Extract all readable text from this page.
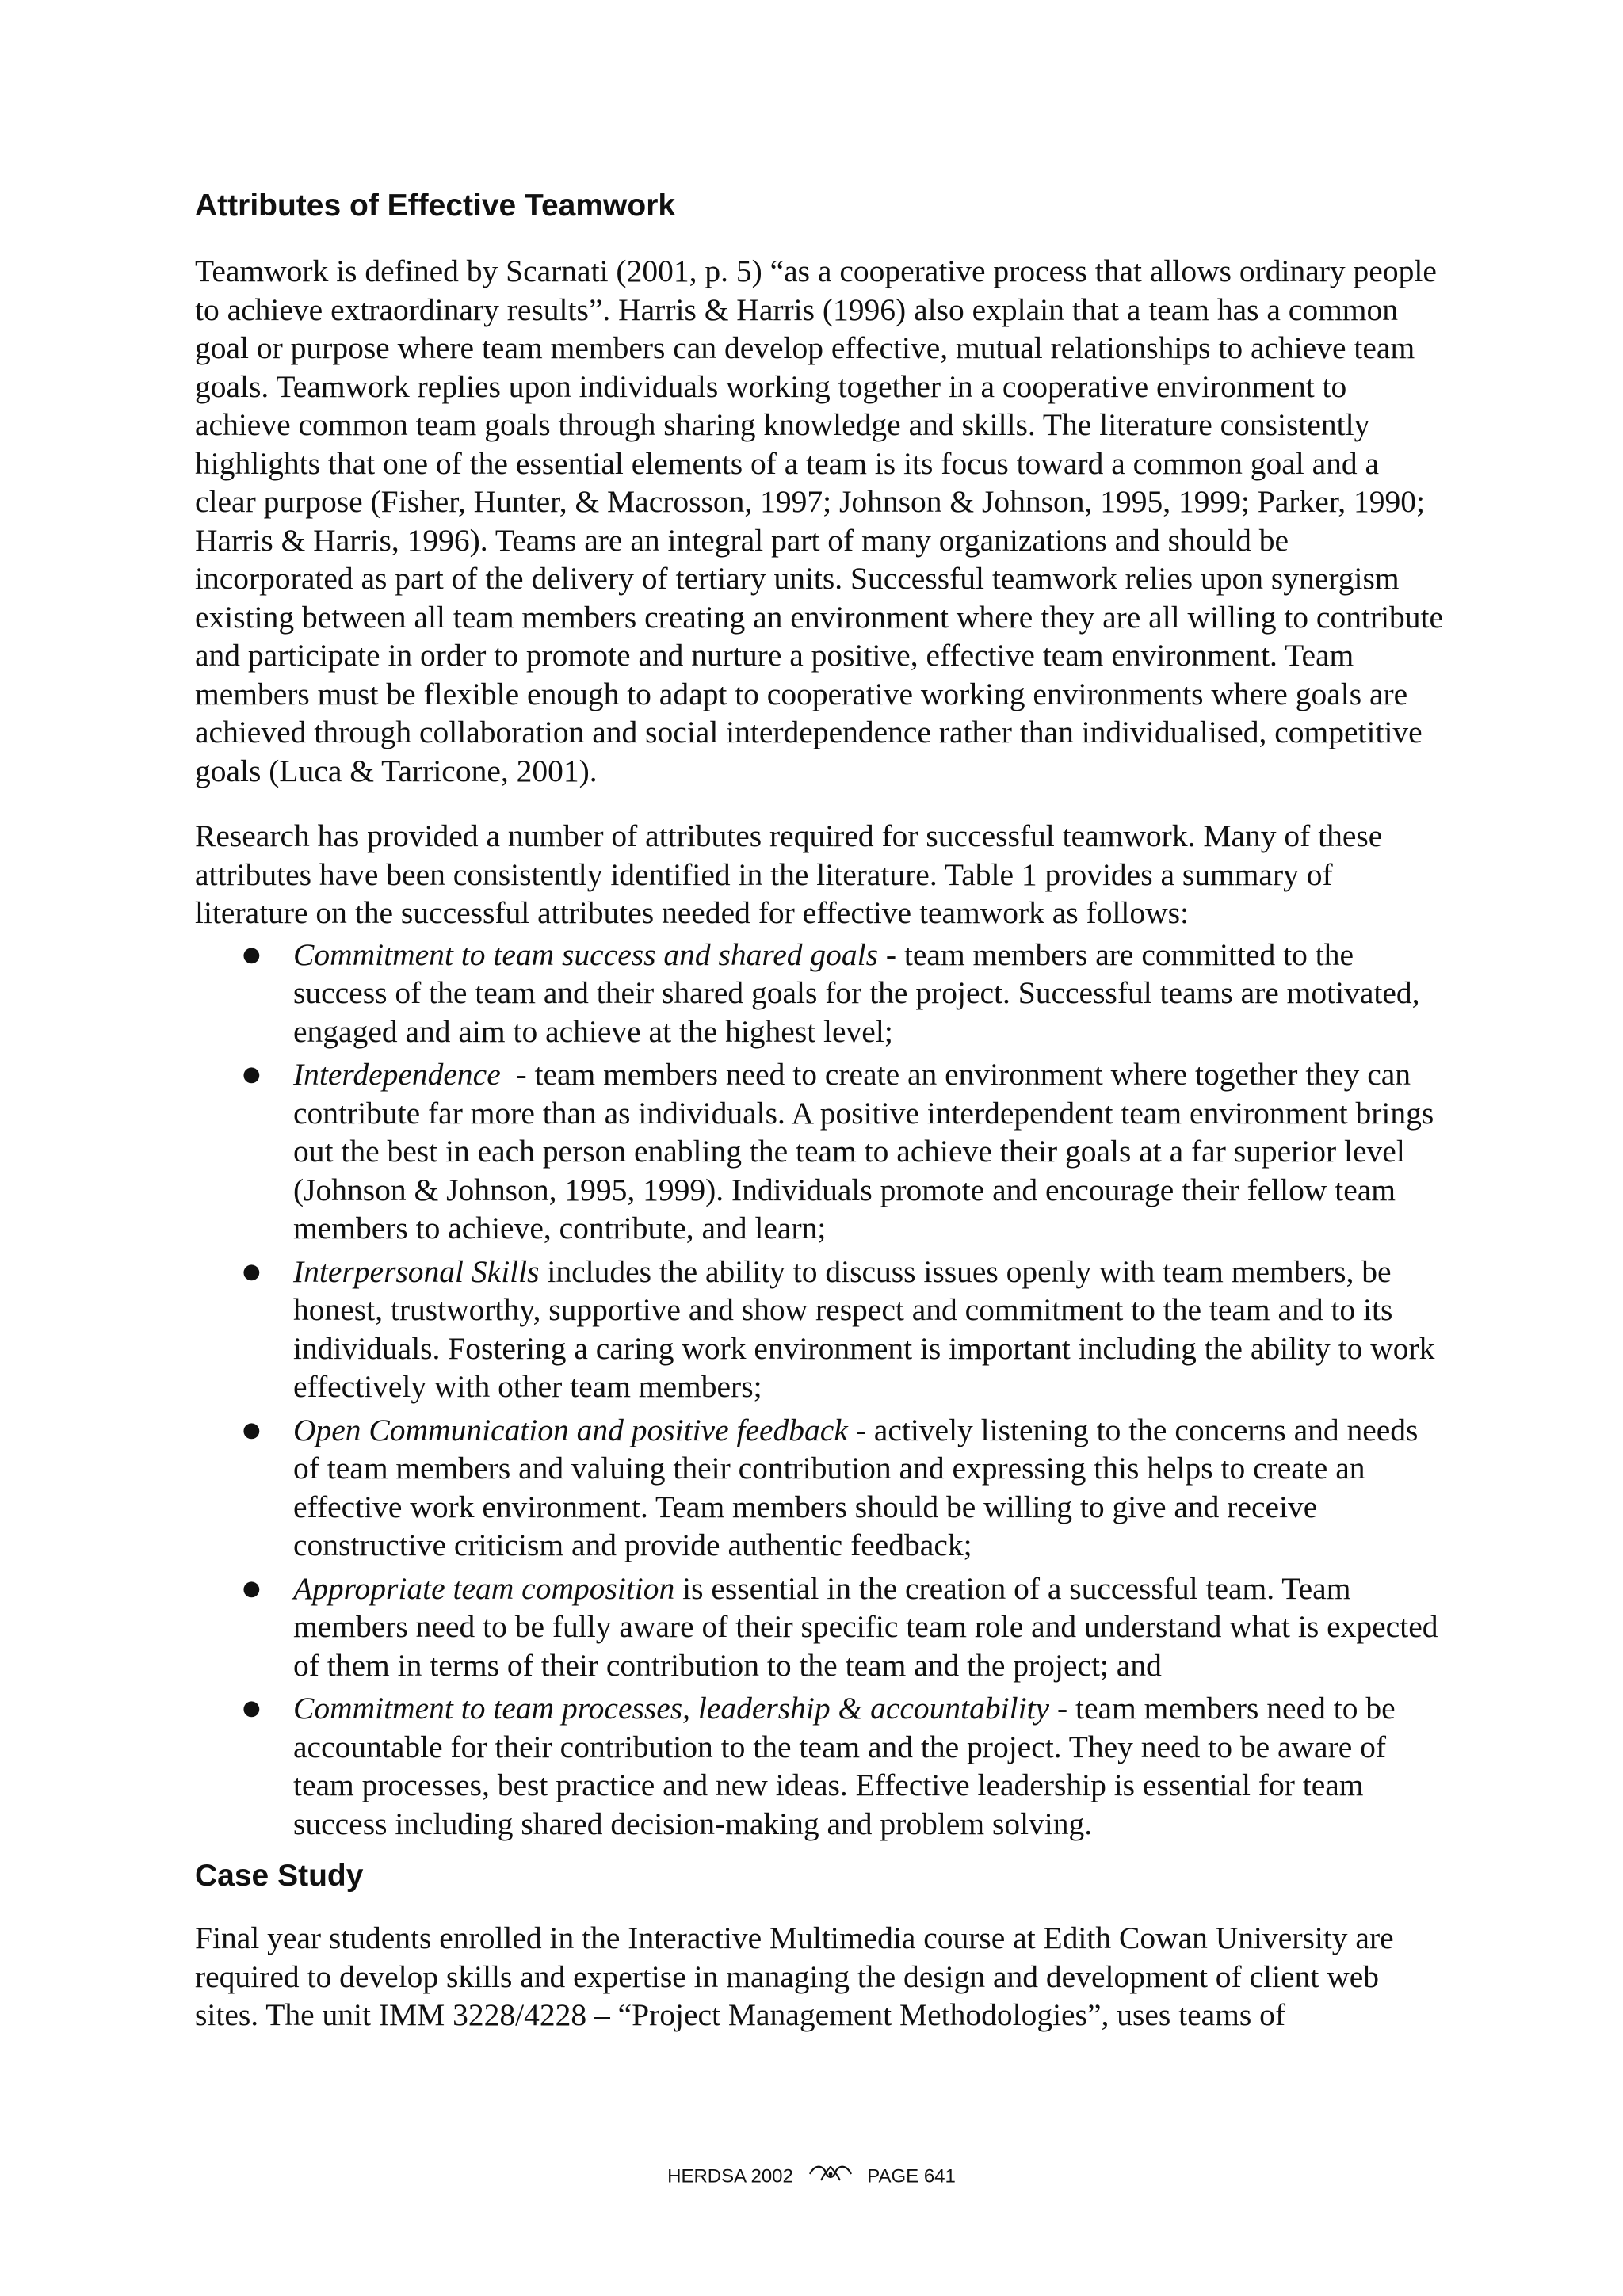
Attributes of Effective Teamwork

Teamwork is defined by Scarnati (2001, p. 5) “as a cooperative process that allows ordinary people to achieve extraordinary results”. Harris & Harris (1996) also explain that a team has a common goal or purpose where team members can develop effective, mutual relationships to achieve team goals. Teamwork replies upon individuals working together in a cooperative environment to achieve common team goals through sharing knowledge and skills. The literature consistently highlights that one of the essential elements of a team is its focus toward a common goal and a clear purpose (Fisher, Hunter, & Macrosson, 1997; Johnson & Johnson, 1995, 1999; Parker, 1990; Harris & Harris, 1996). Teams are an integral part of many organizations and should be incorporated as part of the delivery of tertiary units. Successful teamwork relies upon synergism existing between all team members creating an environment where they are all willing to contribute and participate in order to promote and nurture a positive, effective team environment. Team members must be flexible enough to adapt to cooperative working environments where goals are achieved through collaboration and social interdependence rather than individualised, competitive goals (Luca & Tarricone, 2001).

Research has provided a number of attributes required for successful teamwork. Many of these attributes have been consistently identified in the literature. Table 1 provides a summary of literature on the successful attributes needed for effective teamwork as follows:

● Commitment to team success and shared goals - team members are committed to the success of the team and their shared goals for the project. Successful teams are motivated, engaged and aim to achieve at the highest level;
● Interdependence  - team members need to create an environment where together they can contribute far more than as individuals. A positive interdependent team environment brings out the best in each person enabling the team to achieve their goals at a far superior level (Johnson & Johnson, 1995, 1999). Individuals promote and encourage their fellow team members to achieve, contribute, and learn;
● Interpersonal Skills includes the ability to discuss issues openly with team members, be honest, trustworthy, supportive and show respect and commitment to the team and to its individuals. Fostering a caring work environment is important including the ability to work effectively with other team members;
● Open Communication and positive feedback - actively listening to the concerns and needs of team members and valuing their contribution and expressing this helps to create an effective work environment. Team members should be willing to give and receive constructive criticism and provide authentic feedback;
● Appropriate team composition is essential in the creation of a successful team. Team members need to be fully aware of their specific team role and understand what is expected of them in terms of their contribution to the team and the project; and
● Commitment to team processes, leadership & accountability - team members need to be accountable for their contribution to the team and the project. They need to be aware of team processes, best practice and new ideas. Effective leadership is essential for team success including shared decision-making and problem solving.
Case Study

Final year students enrolled in the Interactive Multimedia course at Edith Cowan University are required to develop skills and expertise in managing the design and development of client web sites. The unit IMM 3228/4228 – “Project Management Methodologies”, uses teams of

HERDSA 2002	PAGE 641
